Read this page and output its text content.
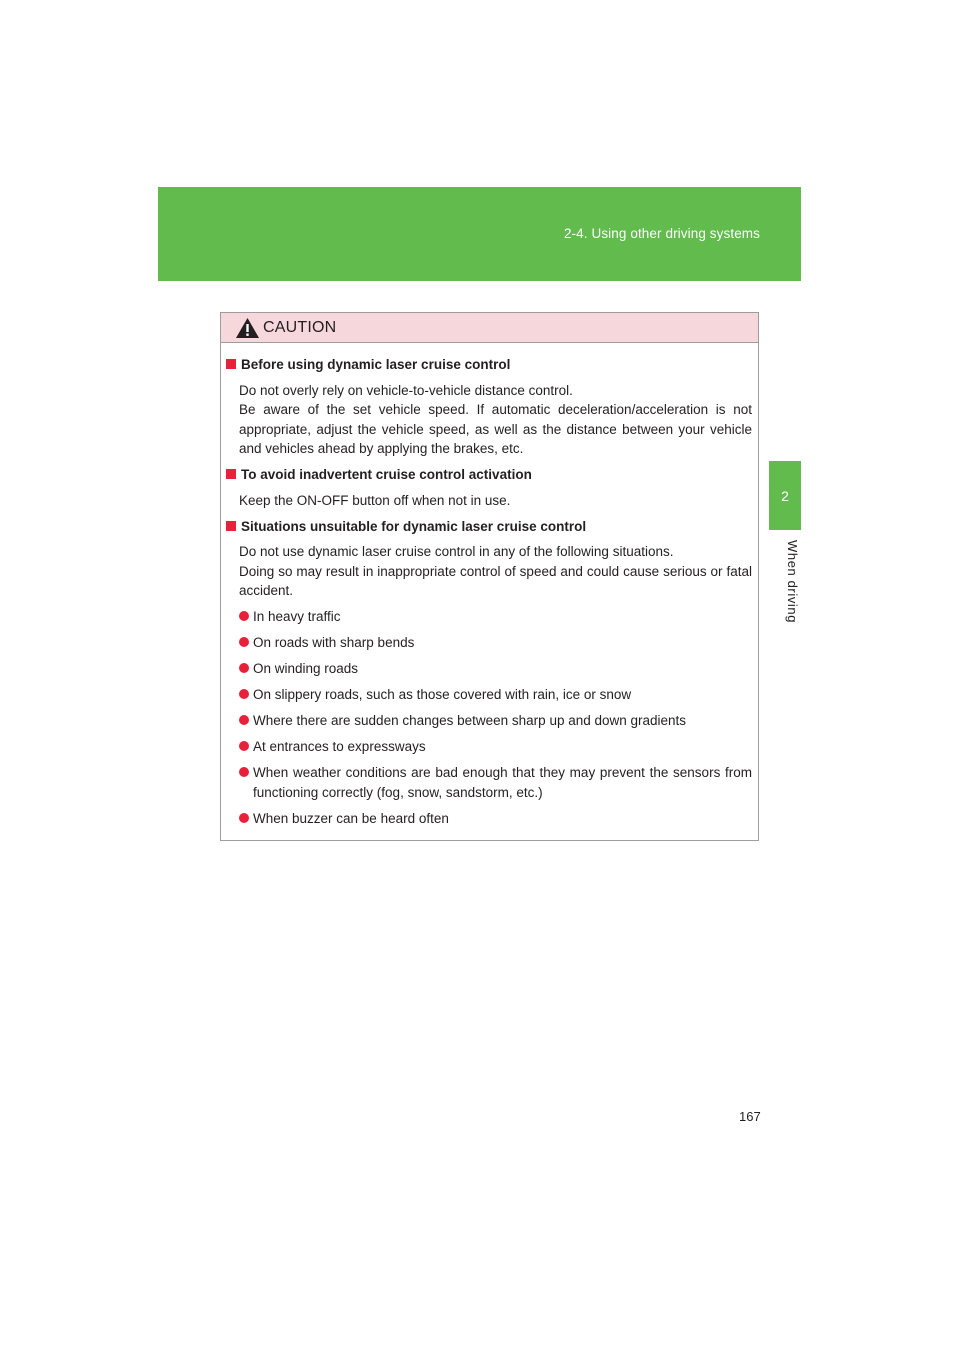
2-4. Using other driving systems
2
When driving
CAUTION
Before using dynamic laser cruise control
Do not overly rely on vehicle-to-vehicle distance control.
Be aware of the set vehicle speed. If automatic deceleration/acceleration is not appropriate, adjust the vehicle speed, as well as the distance between your vehicle and vehicles ahead by applying the brakes, etc.
To avoid inadvertent cruise control activation
Keep the ON-OFF button off when not in use.
Situations unsuitable for dynamic laser cruise control
Do not use dynamic laser cruise control in any of the following situations.
Doing so may result in inappropriate control of speed and could cause serious or fatal accident.
In heavy traffic
On roads with sharp bends
On winding roads
On slippery roads, such as those covered with rain, ice or snow
Where there are sudden changes between sharp up and down gradients
At entrances to expressways
When weather conditions are bad enough that they may prevent the sensors from functioning correctly (fog, snow, sandstorm, etc.)
When buzzer can be heard often
167
